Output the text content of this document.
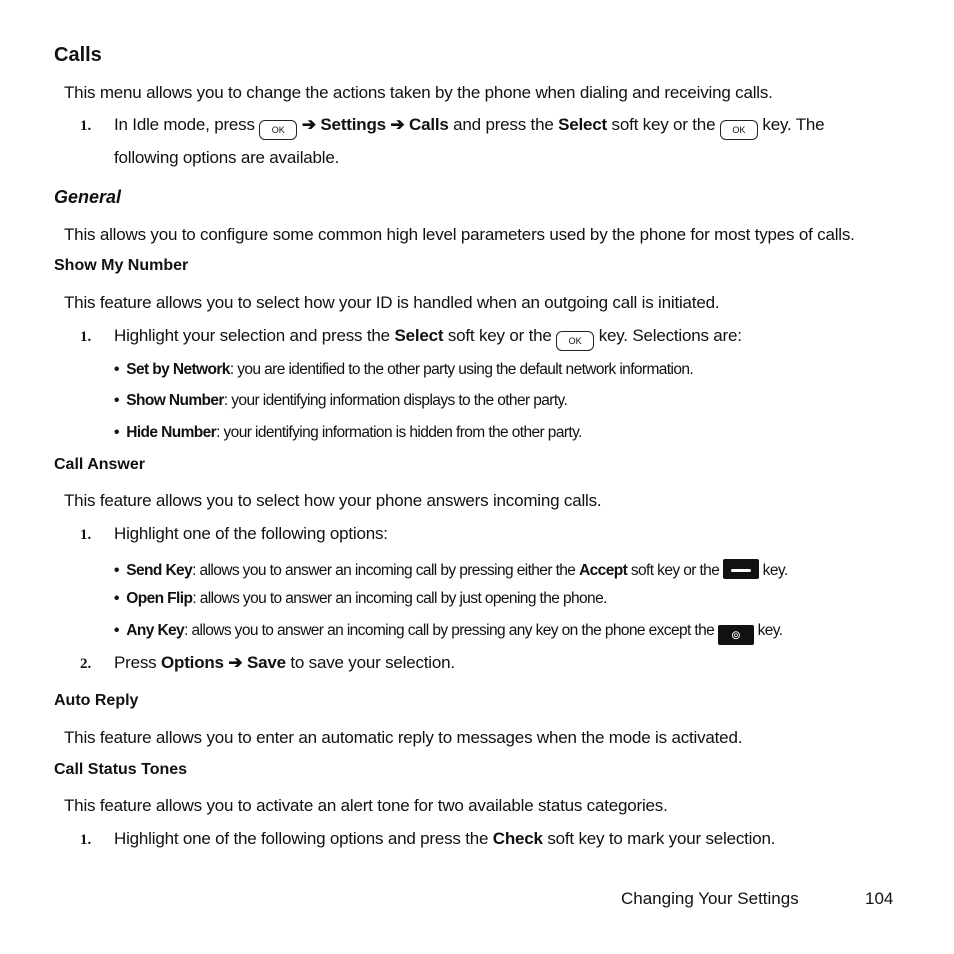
Calls
This menu allows you to change the actions taken by the phone when dialing and receiving calls.
1. In Idle mode, press OK ➔ Settings ➔ Calls and press the Select soft key or the OK key. The
following options are available.
General
This allows you to configure some common high level parameters used by the phone for most types of calls.
Show My Number
This feature allows you to select how your ID is handled when an outgoing call is initiated.
1. Highlight your selection and press the Select soft key or the OK key. Selections are:
• Set by Network: you are identified to the other party using the default network information.
• Show Number: your identifying information displays to the other party.
• Hide Number: your identifying information is hidden from the other party.
Call Answer
This feature allows you to select how your phone answers incoming calls.
1. Highlight one of the following options:
• Send Key: allows you to answer an incoming call by pressing either the Accept soft key or the	key.
• Open Flip: allows you to answer an incoming call by just opening the phone.
• Any Key: allows you to answer an incoming call by pressing any key on the phone except the ⊚ key.
2. Press Options ➔ Save to save your selection.
Auto Reply
This feature allows you to enter an automatic reply to messages when the mode is activated.
Call Status Tones
This feature allows you to activate an alert tone for two available status categories.
1. Highlight one of the following options and press the Check soft key to mark your selection.
Changing Your Settings	104
